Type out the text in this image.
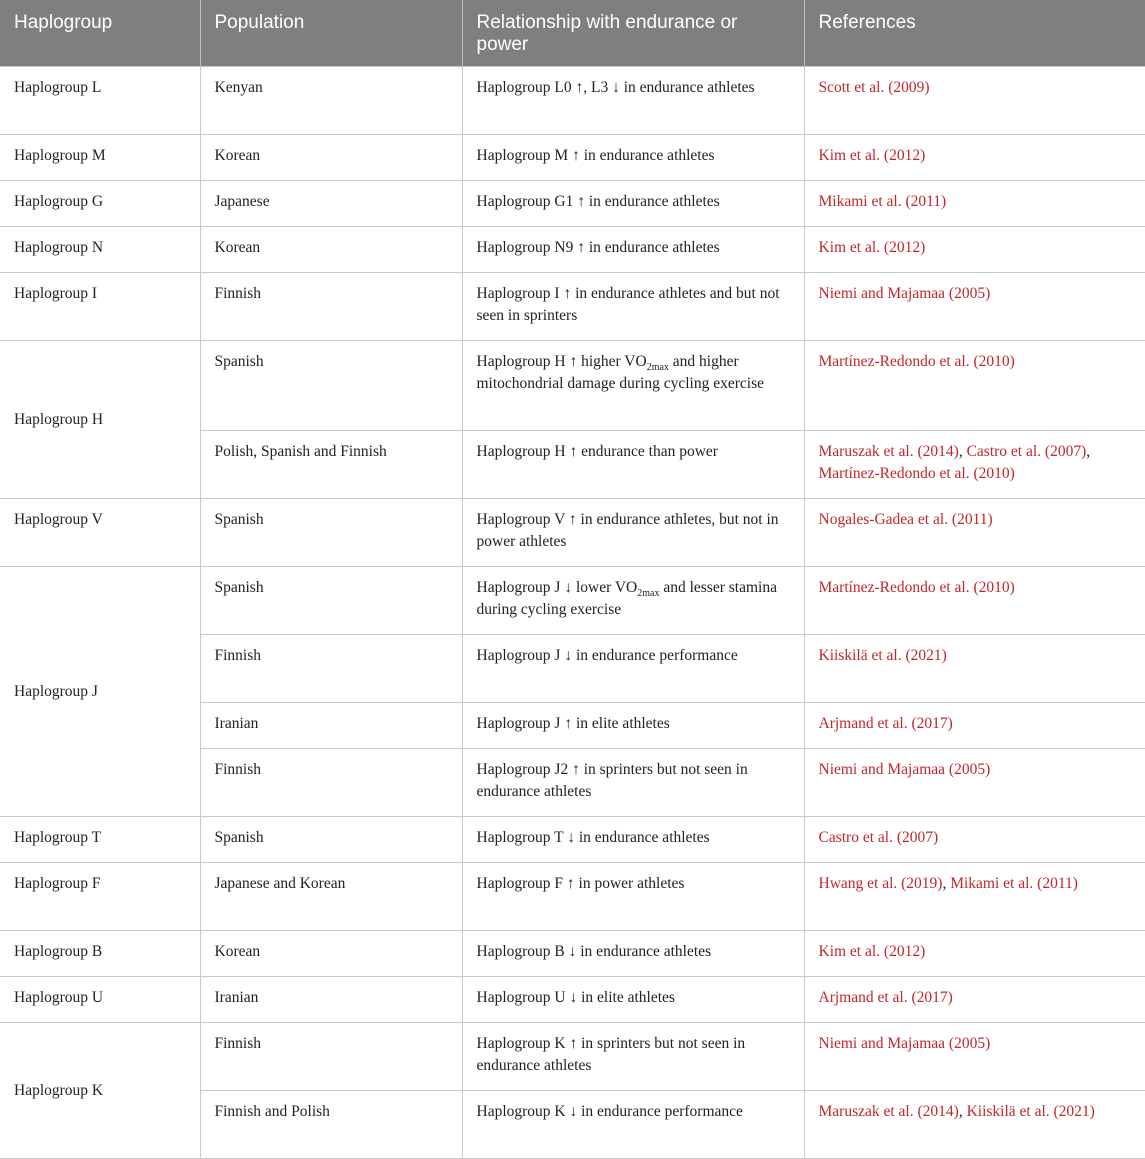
Haplogroup	Population	Relationship with endurance or power	References
Haplogroup L	Kenyan	Haplogroup L0 ↑, L3 ↓ in endurance athletes	Scott et al. (2009)
Haplogroup M	Korean	Haplogroup M ↑ in endurance athletes	Kim et al. (2012)
Haplogroup G	Japanese	Haplogroup G1 ↑ in endurance athletes	Mikami et al. (2011)
Haplogroup N	Korean	Haplogroup N9 ↑ in endurance athletes	Kim et al. (2012)
Haplogroup I	Finnish	Haplogroup I ↑ in endurance athletes and but not seen in sprinters	Niemi and Majamaa (2005)
Haplogroup H	Spanish	Haplogroup H ↑ higher $VO_{2max}$ and higher mitochondrial damage during cycling exercise	Martínez-Redondo et al. (2010)
	Polish, Spanish and Finnish	Haplogroup H ↑ endurance than power	Maruszak et al. (2014), Castro et al. (2007), Martínez-Redondo et al. (2010)
Haplogroup V	Spanish	Haplogroup V ↑ in endurance athletes, but not in power athletes	Nogales-Gadea et al. (2011)
Haplogroup J	Spanish	Haplogroup J ↓ lower $VO_{2max}$ and lesser stamina during cycling exercise	Martínez-Redondo et al. (2010)
	Finnish	Haplogroup J ↓ in endurance performance	Kiiskilä et al. (2021)
	Iranian	Haplogroup J ↑ in elite athletes	Arjmand et al. (2017)
	Finnish	Haplogroup J2 ↑ in sprinters but not seen in endurance athletes	Niemi and Majamaa (2005)
Haplogroup T	Spanish	Haplogroup T ↓ in endurance athletes	Castro et al. (2007)
Haplogroup F	Japanese and Korean	Haplogroup F ↑ in power athletes	Hwang et al. (2019), Mikami et al. (2011)
Haplogroup B	Korean	Haplogroup B ↓ in endurance athletes	Kim et al. (2012)
Haplogroup U	Iranian	Haplogroup U ↓ in elite athletes	Arjmand et al. (2017)
Haplogroup K	Finnish	Haplogroup K ↑ in sprinters but not seen in endurance athletes	Niemi and Majamaa (2005)
	Finnish and Polish	Haplogroup K ↓ in endurance performance	Maruszak et al. (2014), Kiiskilä et al. (2021)
